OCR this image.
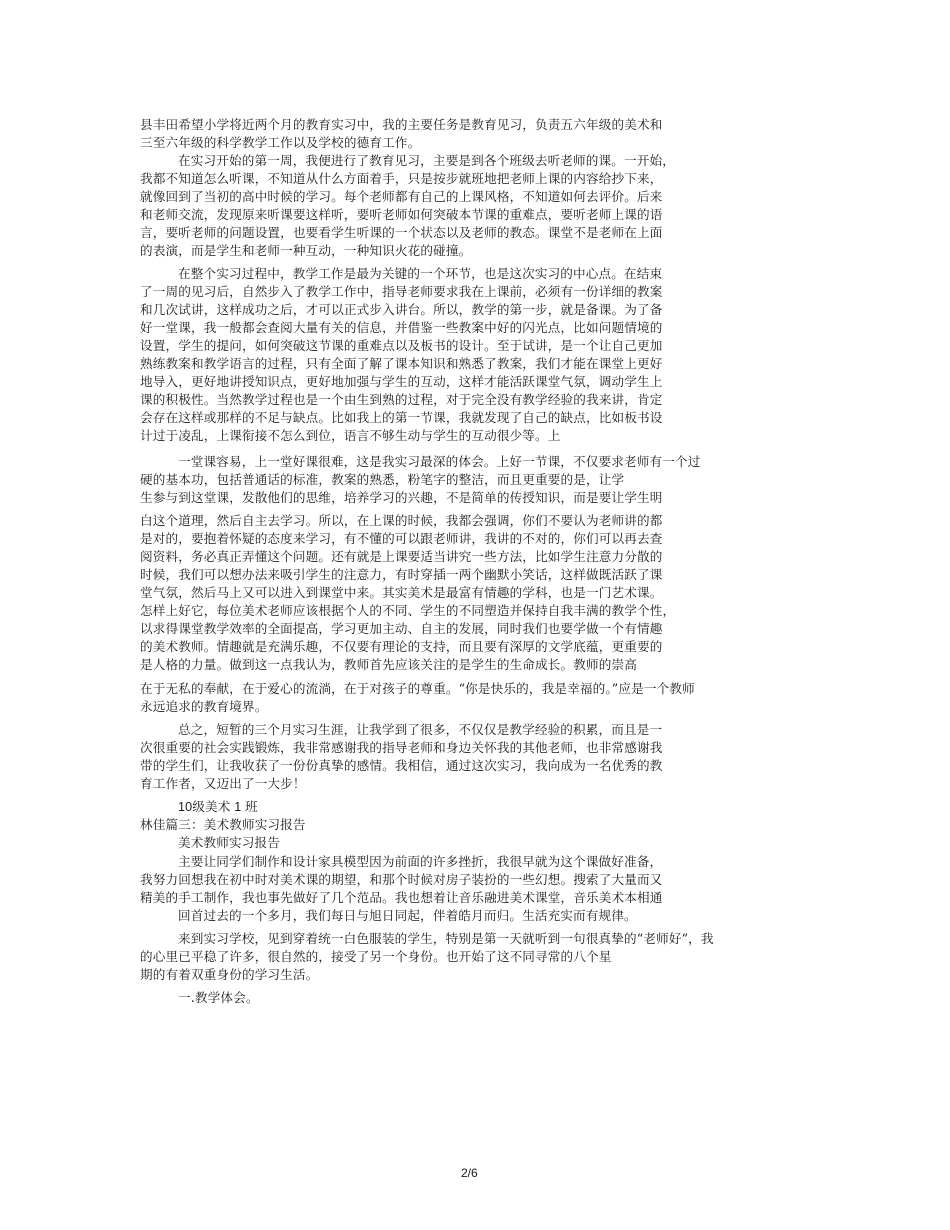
县丰田希望小学将近两个月的教育实习中，我的主要任务是教育见习，负责五六年级的美术和
三至六年级的科学教学工作以及学校的德育工作。
在实习开始的第一周，我便进行了教育见习，主要是到各个班级去听老师的课。一开始，
我都不知道怎么听课，不知道从什么方面着手，只是按步就班地把老师上课的内容给抄下来，
就像回到了当初的高中时候的学习。每个老师都有自己的上课风格，不知道如何去评价。后来
和老师交流，发现原来听课要这样听，要听老师如何突破本节课的重难点，要听老师上课的语
言，要听老师的问题设置，也要看学生听课的一个状态以及老师的教态。课堂不是老师在上面
的表演，而是学生和老师一种互动，一种知识火花的碰撞。
在整个实习过程中，教学工作是最为关键的一个环节，也是这次实习的中心点。在结束
了一周的见习后，自然步入了教学工作中，指导老师要求我在上课前，必须有一份详细的教案
和几次试讲，这样成功之后，才可以正式步入讲台。所以，教学的第一步，就是备课。为了备
好一堂课，我一般都会查阅大量有关的信息，并借鉴一些教案中好的闪光点，比如问题情境的
设置，学生的提问，如何突破这节课的重难点以及板书的设计。至于试讲，是一个让自己更加
熟练教案和教学语言的过程，只有全面了解了课本知识和熟悉了教案，我们才能在课堂上更好
地导入，更好地讲授知识点，更好地加强与学生的互动，这样才能活跃课堂气氛，调动学生上
课的积极性。当然教学过程也是一个由生到熟的过程，对于完全没有教学经验的我来讲，肯定
会存在这样或那样的不足与缺点。比如我上的第一节课，我就发现了自己的缺点，比如板书设
计过于凌乱，上课衔接不怎么到位，语言不够生动与学生的互动很少等。上
一堂课容易，上一堂好课很难，这是我实习最深的体会。上好一节课，不仅要求老师有一个过
硬的基本功，包括普通话的标准，教案的熟悉，粉笔字的整洁，而且更重要的是，让学
生参与到这堂课，发散他们的思维，培养学习的兴趣，不是简单的传授知识，而是要让学生明
白这个道理，然后自主去学习。所以，在上课的时候，我都会强调，你们不要认为老师讲的都
是对的，要抱着怀疑的态度来学习，有不懂的可以跟老师讲，我讲的不对的，你们可以再去查
阅资料，务必真正弄懂这个问题。还有就是上课要适当讲究一些方法，比如学生注意力分散的
时候，我们可以想办法来吸引学生的注意力，有时穿插一两个幽默小笑话，这样做既活跃了课
堂气氛，然后马上又可以进入到课堂中来。其实美术是最富有情趣的学科，也是一门艺术课。
怎样上好它，每位美术老师应该根据个人的不同、学生的不同塑造并保持自我丰满的教学个性，
以求得课堂教学效率的全面提高，学习更加主动、自主的发展，同时我们也要学做一个有情趣
的美术教师。情趣就是充满乐趣，不仅要有理论的支持，而且要有深厚的文学底蕴，更重要的
是人格的力量。做到这一点我认为，教师首先应该关注的是学生的生命成长。教师的崇高
在于无私的奉献，在于爱心的流淌，在于对孩子的尊重。“你是快乐的，我是幸福的。”应是一个教师
永远追求的教育境界。
总之，短暂的三个月实习生涯，让我学到了很多，不仅仅是教学经验的积累，而且是一
次很重要的社会实践锻炼，我非常感谢我的指导老师和身边关怀我的其他老师，也非常感谢我
带的学生们，让我收获了一份份真挚的感情。我相信，通过这次实习，我向成为一名优秀的教
育工作者，又迈出了一大步！
10级美术 1 班
林佳篇三：美术教师实习报告
美术教师实习报告
主要让同学们制作和设计家具模型因为前面的许多挫折，我很早就为这个课做好准备，
我努力回想我在初中时对美术课的期望，和那个时候对房子装扮的一些幻想。搜索了大量而又
精美的手工制作，我也事先做好了几个范品。我也想着让音乐融进美术课堂，音乐美术本相通
回首过去的一个多月，我们每日与旭日同起，伴着皓月而归。生活充实而有规律。
来到实习学校，见到穿着统一白色服装的学生，特别是第一天就听到一句很真挚的“老师好”，我
的心里已平稳了许多，很自然的，接受了另一个身份。也开始了这不同寻常的八个星
期的有着双重身份的学习生活。
一.教学体会。
2/6
